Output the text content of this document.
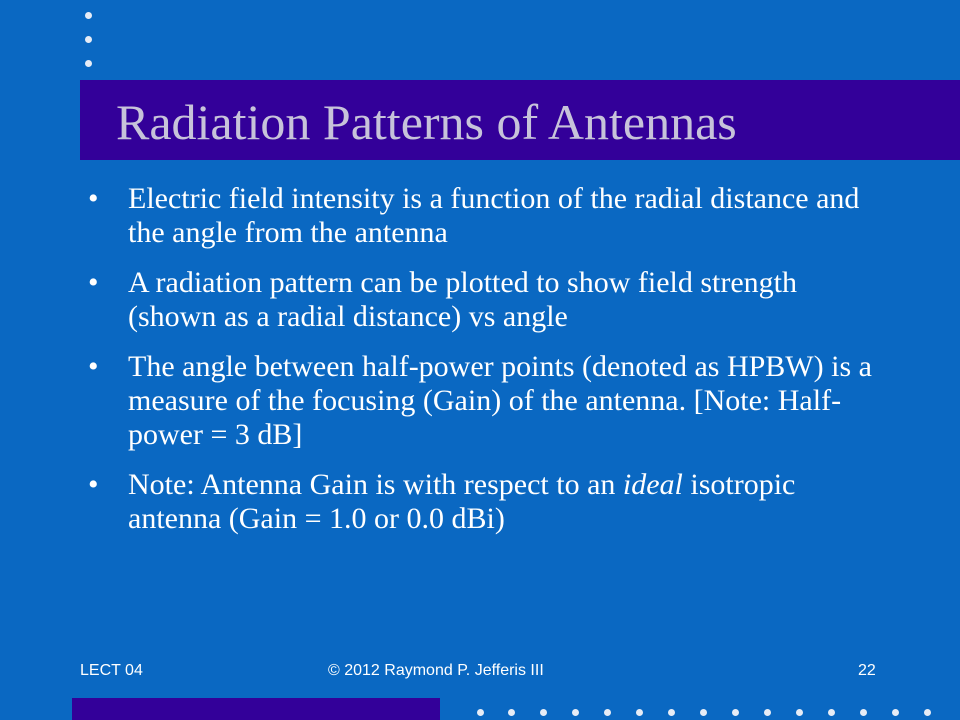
Radiation Patterns of Antennas
• Electric field intensity is a function of the radial distance and the angle from the antenna
• A radiation pattern can be plotted to show field strength (shown as a radial distance) vs angle
• The angle between half-power points (denoted as HPBW) is a measure of the focusing (Gain) of the antenna. [Note: Half-power = 3 dB]
• Note: Antenna Gain is with respect to an ideal isotropic antenna (Gain = 1.0 or 0.0 dBi)
LECT 04	© 2012 Raymond P. Jefferis III	22
